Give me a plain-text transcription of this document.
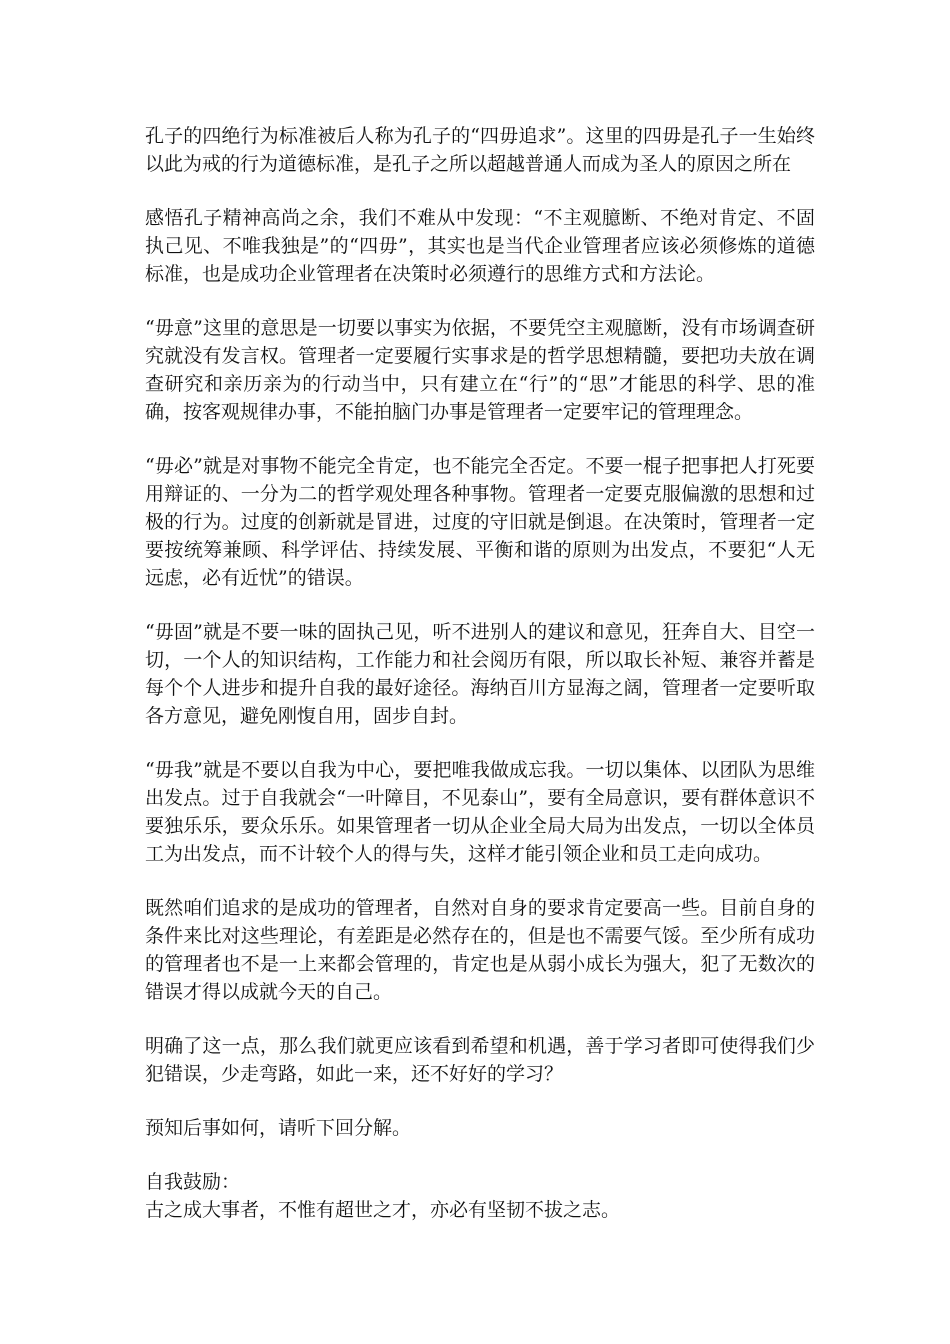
孔子的四绝行为标准被后人称为孔子的“四毋追求”。这里的四毋是孔子一生始终以此为戒的行为道德标准，是孔子之所以超越普通人而成为圣人的原因之所在

感悟孔子精神高尚之余，我们不难从中发现：“不主观臆断、不绝对肯定、不固执己见、不唯我独是”的“四毋”，其实也是当代企业管理者应该必须修炼的道德标准，也是成功企业管理者在决策时必须遵行的思维方式和方法论。

“毋意”这里的意思是一切要以事实为依据，不要凭空主观臆断，没有市场调查研究就没有发言权。管理者一定要履行实事求是的哲学思想精髓，要把功夫放在调查研究和亲历亲为的行动当中，只有建立在“行”的“思”才能思的科学、思的准确，按客观规律办事，不能拍脑门办事是管理者一定要牢记的管理理念。

“毋必”就是对事物不能完全肯定，也不能完全否定。不要一棍子把事把人打死要用辩证的、一分为二的哲学观处理各种事物。管理者一定要克服偏激的思想和过极的行为。过度的创新就是冒进，过度的守旧就是倒退。在决策时，管理者一定要按统筹兼顾、科学评估、持续发展、平衡和谐的原则为出发点，不要犯“人无远虑，必有近忧”的错误。

“毋固”就是不要一味的固执己见，听不进别人的建议和意见，狂奔自大、目空一切，一个人的知识结构，工作能力和社会阅历有限，所以取长补短、兼容并蓄是每个个人进步和提升自我的最好途径。海纳百川方显海之阔，管理者一定要听取各方意见，避免刚愎自用，固步自封。

“毋我”就是不要以自我为中心，要把唯我做成忘我。一切以集体、以团队为思维出发点。过于自我就会“一叶障目，不见泰山”，要有全局意识，要有群体意识不要独乐乐，要众乐乐。如果管理者一切从企业全局大局为出发点，一切以全体员工为出发点，而不计较个人的得与失，这样才能引领企业和员工走向成功。

既然咱们追求的是成功的管理者，自然对自身的要求肯定要高一些。目前自身的条件来比对这些理论，有差距是必然存在的，但是也不需要气馁。至少所有成功的管理者也不是一上来都会管理的，肯定也是从弱小成长为强大，犯了无数次的错误才得以成就今天的自己。

明确了这一点，那么我们就更应该看到希望和机遇，善于学习者即可使得我们少犯错误，少走弯路，如此一来，还不好好的学习？

预知后事如何，请听下回分解。

自我鼓励：
古之成大事者，不惟有超世之才，亦必有坚韧不拔之志。
